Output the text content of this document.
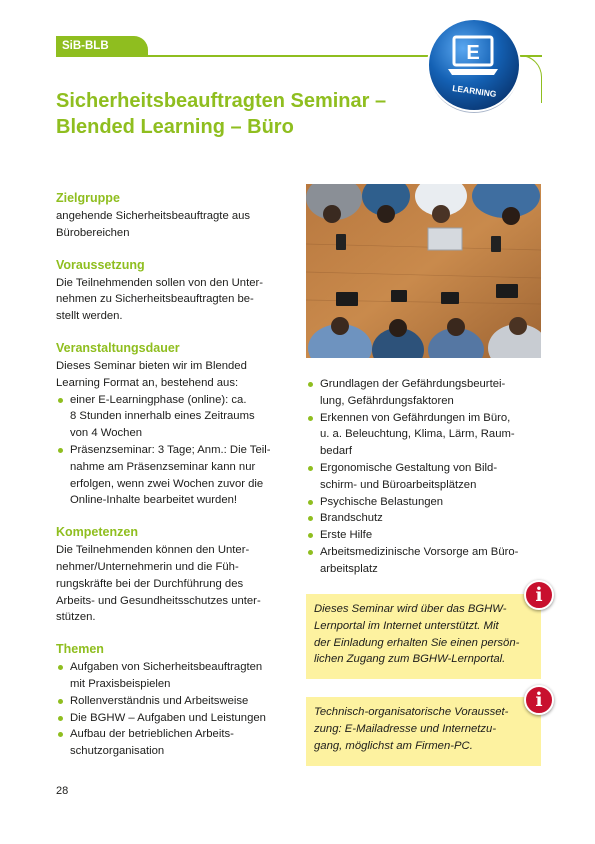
SiB-BLB	E
LEARNING
Sicherheitsbeauftragten Seminar –
Blended Learning – Büro
Zielgruppe

angehende Sicherheitsbeauftragte aus

Bürobereichen

Voraussetzung

Die Teilnehmenden sollen von den Unter-

nehmen zu Sicherheitsbeauftragten be-

stellt werden.

Veranstaltungsdauer

Dieses Seminar bieten wir im Blended

Learning Format an, bestehend aus:

einer E-Learningphase (online): ca.
8 Stunden innerhalb eines Zeitraums
von 4 Wochen
Präsenzseminar: 3 Tage; Anm.: Die Teil-
nahme am Präsenzseminar kann nur
erfolgen, wenn zwei Wochen zuvor die
Online-Inhalte bearbeitet wurden!
Kompetenzen

Die Teilnehmenden können den Unter-

nehmer/Unternehmerin und die Füh-

rungskräfte bei der Durchführung des

Arbeits- und Gesundheitsschutzes unter-

stützen.

Themen
Aufgaben von Sicherheitsbeauftragten
mit Praxisbeispielen
Rollenverständnis und Arbeitsweise
Die BGHW – Aufgaben und Leistungen
Aufbau der betrieblichen Arbeits-
schutzorganisation
Grundlagen der Gefährdungsbeurtei-
lung, Gefährdungsfaktoren
Erkennen von Gefährdungen im Büro,
u. a. Beleuchtung, Klima, Lärm, Raum-
bedarf
Ergonomische Gestaltung von Bild-
schirm- und Büroarbeitsplätzen
Psychische Belastungen
Brandschutz
Erste Hilfe
Arbeitsmedizinische Vorsorge am Büro-
arbeitsplatz
Dieses Seminar wird über das BGHW-
Lernportal im Internet unterstützt. Mit
der Einladung erhalten Sie einen persön-
lichen Zugang zum BGHW-Lernportal.
i
Technisch-organisatorische Vorausset-
zung: E-Mailadresse und Internetzu-
gang, möglichst am Firmen-PC.
i
28
